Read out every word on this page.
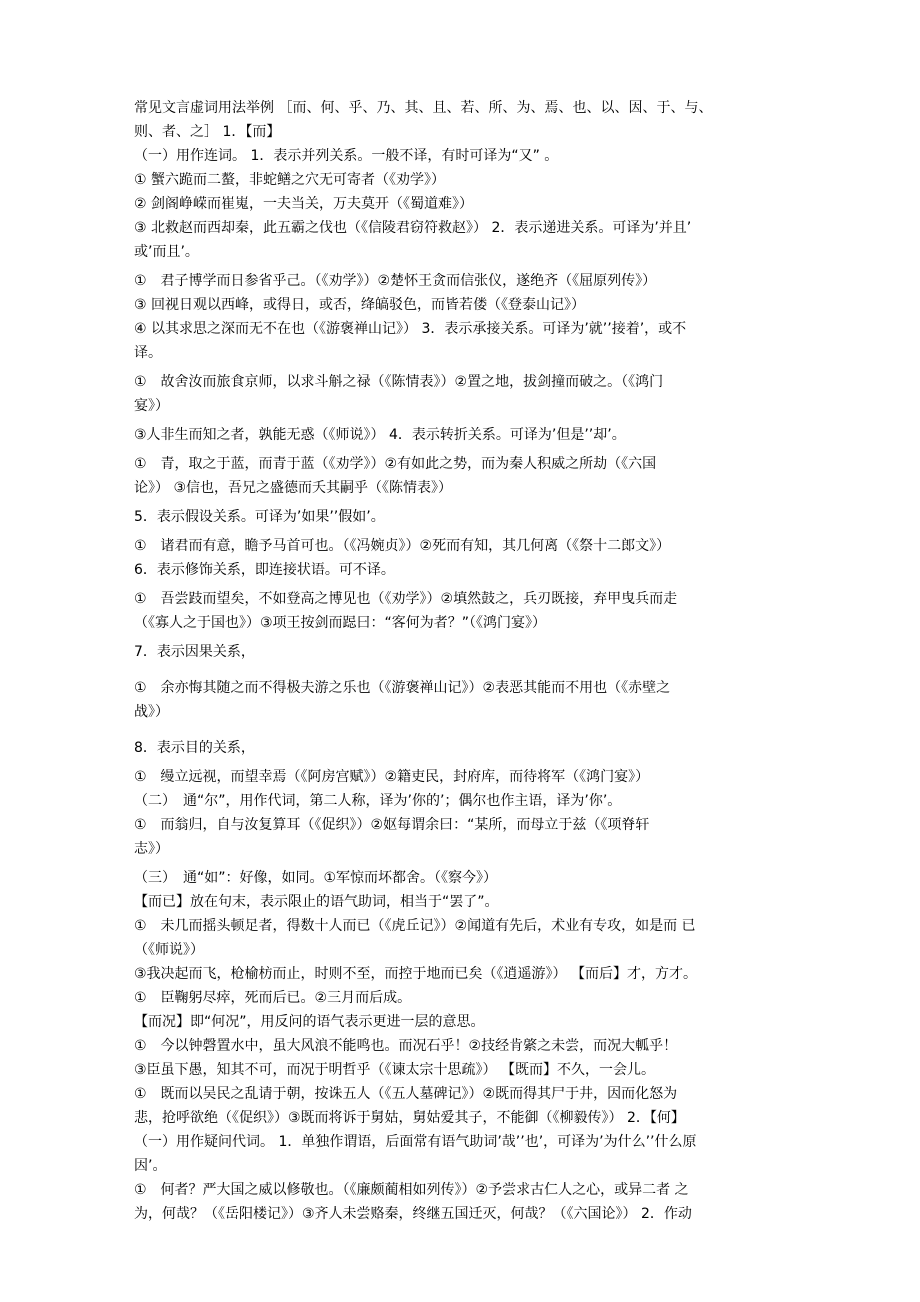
常见文言虚词用法举例 ［而、何、乎、乃、其、且、若、所、为、焉、也、以、因、于、与、
则、者、之］ 1．【而】
（一）用作连词。 1．表示并列关系。一般不译，有时可译为“又” 。
① 蟹六跪而二螯，非蛇鳝之穴无可寄者（《劝学》）
② 剑阁峥嵘而崔嵬，一夫当关，万夫莫开（《蜀道难》）
③ 北救赵而西却秦，此五霸之伐也（《信陵君窃符救赵》） 2．表示递进关系。可译为’并且’
或’而且’。
①　君子博学而日参省乎己。（《劝学》）②楚怀王贪而信张仪，遂绝齐（《屈原列传》）
③ 回视日观以西峰，或得日，或否，绛皜驳色，而皆若偻（《登泰山记》）
④ 以其求思之深而无不在也（《游褒禅山记》） 3．表示承接关系。可译为’就’’接着’，或不
译。
①　故舍汝而旅食京师，以求斗斛之禄（《陈情表》）②置之地，拔剑撞而破之。（《鸿门
宴》）
③人非生而知之者，孰能无惑（《师说》） 4．表示转折关系。可译为’但是’’却’。
①　青，取之于蓝，而青于蓝（《劝学》）②有如此之势，而为秦人积威之所劫（《六国
论》） ③信也，吾兄之盛德而夭其嗣乎（《陈情表》）
5．表示假设关系。可译为’如果’’假如’。
①　诸君而有意，瞻予马首可也。（《冯婉贞》）②死而有知，其几何离（《祭十二郎文》）
6．表示修饰关系，即连接状语。可不译。
①　吾尝跂而望矣，不如登高之博见也（《劝学》）②填然鼓之，兵刃既接，弃甲曳兵而走
（《寡人之于国也》）③项王按剑而跽曰：“客何为者？”（《鸿门宴》）
7．表示因果关系，
①　余亦悔其随之而不得极夫游之乐也（《游褒禅山记》）②表恶其能而不用也（《赤壁之
战》）
8．表示目的关系，
①　缦立远视，而望幸焉（《阿房宫赋》）②籍吏民，封府库，而待将军（《鸿门宴》）
（二）　通“尔”，用作代词，第二人称，译为’你的’；偶尔也作主语，译为’你’。
①　而翁归，自与汝复算耳（《促织》）②妪每谓余曰：“某所，而母立于兹（《项脊轩
志》）
（三）　通“如”：好像，如同。①军惊而坏都舍。（《察今》）
【而已】放在句末，表示限止的语气助词，相当于“罢了”。
①　未几而摇头顿足者，得数十人而已（《虎丘记》）②闻道有先后，术业有专攻，如是而 已
（《师说》）
③我决起而飞，枪榆枋而止，时则不至，而控于地而已矣（《逍遥游》） 【而后】才，方才。
①　臣鞠躬尽瘁，死而后已。②三月而后成。
【而况】即“何况”，用反问的语气表示更进一层的意思。
①　今以钟磬置水中，虽大风浪不能鸣也。而况石乎！②技经肯綮之未尝，而况大軱乎！
③臣虽下愚，知其不可，而况于明哲乎（《谏太宗十思疏》） 【既而】不久，一会儿。
①　既而以吴民之乱请于朝，按诛五人（《五人墓碑记》）②既而得其尸于井，因而化怒为
悲，抢呼欲绝（《促织》）③既而将诉于舅姑，舅姑爱其子，不能御（《柳毅传》） 2．【何】
（一）用作疑问代词。 1．单独作谓语，后面常有语气助词’哉’’也’，可译为’为什么’’什么原
因’。
①　何者？严大国之威以修敬也。（《廉颇蔺相如列传》）②予尝求古仁人之心，或异二者 之
为，何哉？（《岳阳楼记》）③齐人未尝赂秦，终继五国迁灭，何哉？（《六国论》） 2．作动
